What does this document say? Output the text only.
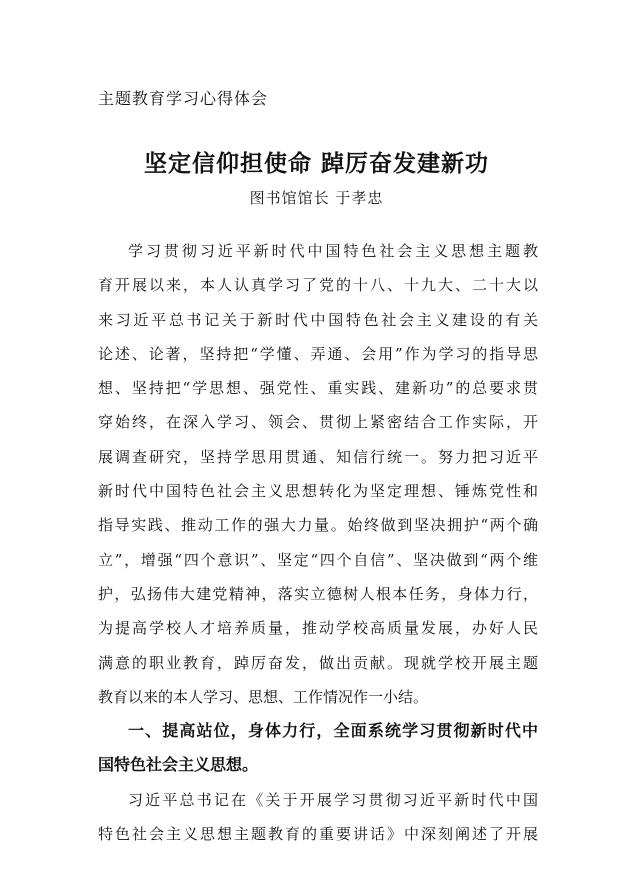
主题教育学习心得体会
坚定信仰担使命 踔厉奋发建新功
图书馆馆长 于孝忠
学习贯彻习近平新时代中国特色社会主义思想主题教
育开展以来，本人认真学习了党的十八、十九大、二十大以
来习近平总书记关于新时代中国特色社会主义建设的有关
论述、论著，坚持把“学懂、弄通、会用”作为学习的指导思
想、坚持把“学思想、强党性、重实践、建新功”的总要求贯
穿始终，在深入学习、领会、贯彻上紧密结合工作实际，开
展调查研究，坚持学思用贯通、知信行统一。努力把习近平
新时代中国特色社会主义思想转化为坚定理想、锤炼党性和
指导实践、推动工作的强大力量。始终做到坚决拥护“两个确
立”，增强“四个意识”、坚定“四个自信”、坚决做到“两个维
护，弘扬伟大建党精神，落实立德树人根本任务，身体力行，
为提高学校人才培养质量，推动学校高质量发展，办好人民
满意的职业教育，踔厉奋发，做出贡献。现就学校开展主题
教育以来的本人学习、思想、工作情况作一小结。
一、提高站位，身体力行，全面系统学习贯彻新时代中
国特色社会主义思想。
习近平总书记在《关于开展学习贯彻习近平新时代中国
特色社会主义思想主题教育的重要讲话》中深刻阐述了开展
